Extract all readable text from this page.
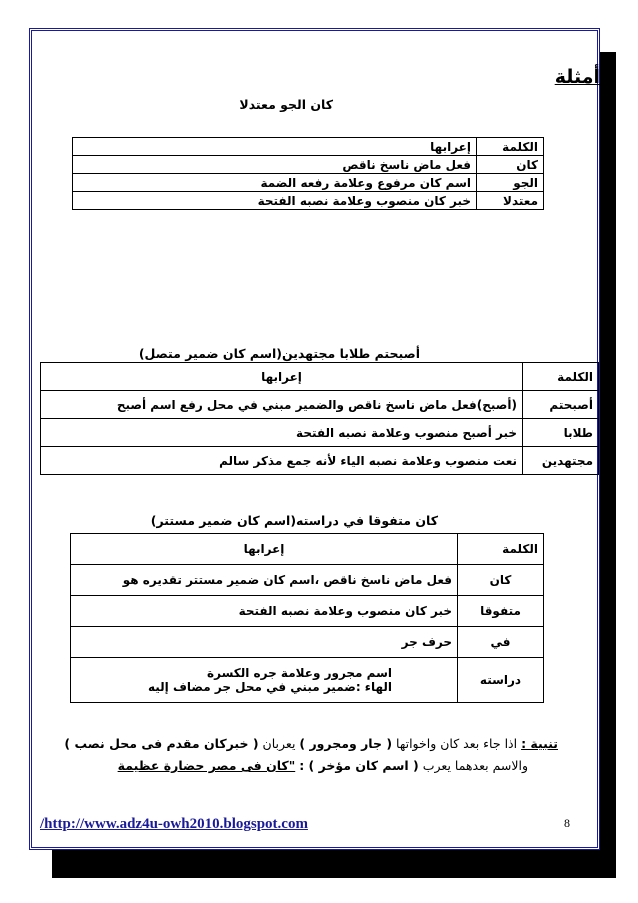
أمثلة
كان الجو معتدلا
الكلمة	إعرابها
كان	فعل ماض ناسخ ناقص
الجو	اسم كان مرفوع وعلامة رفعه الضمة
معتدلا	خبر كان منصوب وعلامة نصبه الفتحة
أصبحتم طلابا مجتهدين(اسم كان ضمير متصل)
الكلمة	إعرابها
أصبحتم	(أصبح)فعل ماض ناسخ ناقص والضمير مبني في محل رفع اسم أصبح
طلابا	خبر أصبح منصوب وعلامة نصبه الفتحة
مجتهدين	نعت منصوب وعلامة نصبه الياء لأنه جمع مذكر سالم
كان متفوقا في دراسته(اسم كان ضمير مستتر)
الكلمة	إعرابها
كان	فعل ماض ناسخ ناقص ،اسم كان ضمير مستتر تقديره هو
متفوقا	خبر كان منصوب وعلامة نصبه الفتحة
في	حرف جر
دراسته	اسم مجرور وعلامة جره الكسرة
الهاء :ضمير مبني في محل جر مضاف إليه
تنبية : اذا جاء بعد كان واخواتها ( جار ومجرور ) يعربان ( خبركان مقدم فى محل نصب )
والاسم بعدهما يعرب ( اسم كان مؤخر ) : "كان فى مصر حضارة عظيمة
/http://www.adz4u-owh2010.blogspot.com	8
